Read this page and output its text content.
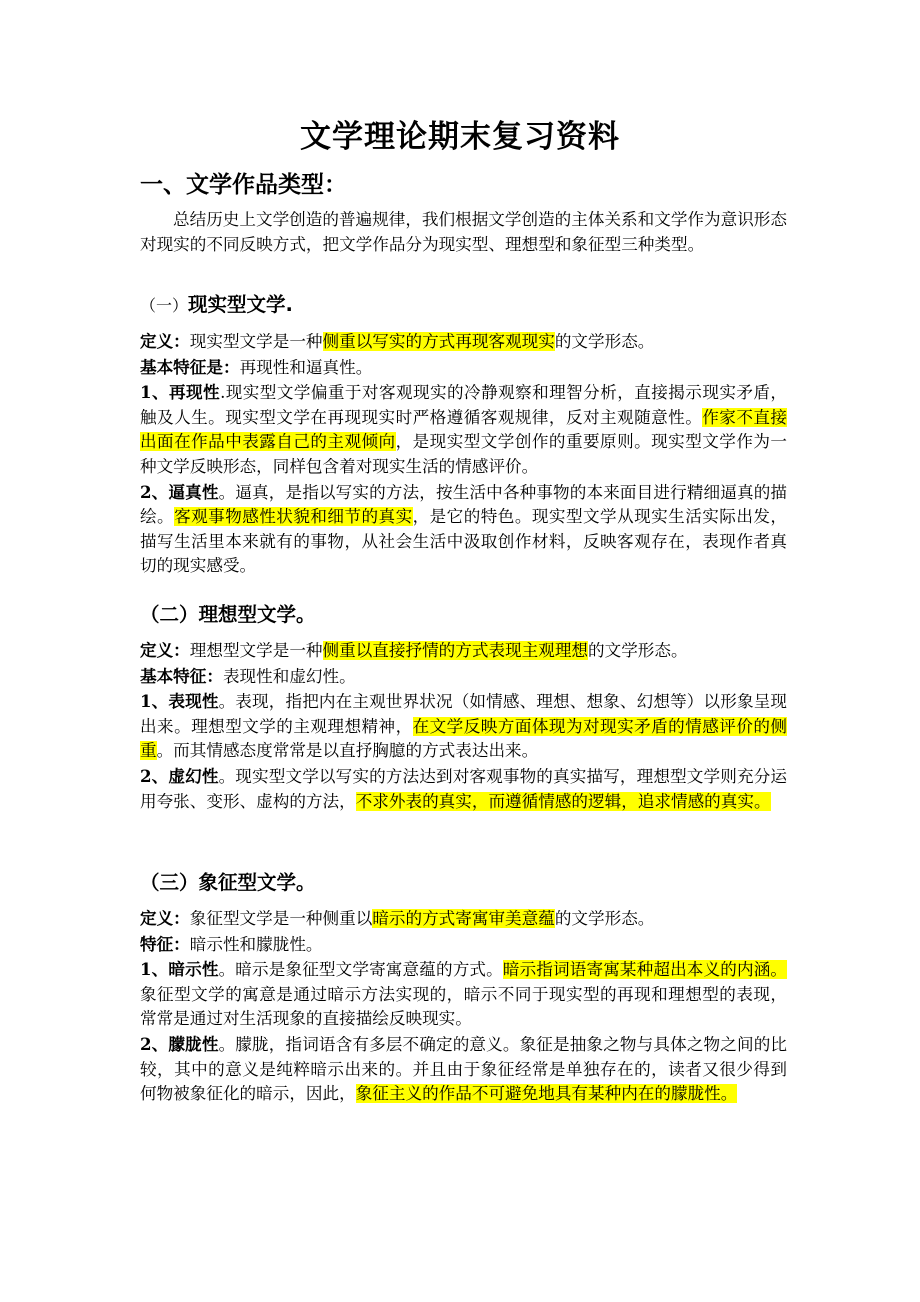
文学理论期末复习资料
一、文学作品类型：

总结历史上文学创造的普遍规律，我们根据文学创造的主体关系和文学作为意识形态对现实的不同反映方式，把文学作品分为现实型、理想型和象征型三种类型。

（一）现实型文学.

定义：现实型文学是一种侧重以写实的方式再现客观现实的文学形态。

基本特征是：再现性和逼真性。

1、再现性.现实型文学偏重于对客观现实的冷静观察和理智分析，直接揭示现实矛盾，触及人生。现实型文学在再现现实时严格遵循客观规律，反对主观随意性。作家不直接出面在作品中表露自己的主观倾向，是现实型文学创作的重要原则。现实型文学作为一种文学反映形态，同样包含着对现实生活的情感评价。

2、逼真性。逼真，是指以写实的方法，按生活中各种事物的本来面目进行精细逼真的描绘。客观事物感性状貌和细节的真实，是它的特色。现实型文学从现实生活实际出发，描写生活里本来就有的事物，从社会生活中汲取创作材料，反映客观存在，表现作者真切的现实感受。

（二）理想型文学。

定义：理想型文学是一种侧重以直接抒情的方式表现主观理想的文学形态。

基本特征：表现性和虚幻性。

1、表现性。表现，指把内在主观世界状况（如情感、理想、想象、幻想等）以形象呈现出来。理想型文学的主观理想精神，在文学反映方面体现为对现实矛盾的情感评价的侧重。而其情感态度常常是以直抒胸臆的方式表达出来。

2、虚幻性。现实型文学以写实的方法达到对客观事物的真实描写，理想型文学则充分运用夸张、变形、虚构的方法，不求外表的真实，而遵循情感的逻辑，追求情感的真实。

（三）象征型文学。

定义：象征型文学是一种侧重以暗示的方式寄寓审美意蕴的文学形态。

特征：暗示性和朦胧性。

1、暗示性。暗示是象征型文学寄寓意蕴的方式。暗示指词语寄寓某种超出本义的内涵。象征型文学的寓意是通过暗示方法实现的，暗示不同于现实型的再现和理想型的表现，常常是通过对生活现象的直接描绘反映现实。

2、朦胧性。朦胧，指词语含有多层不确定的意义。象征是抽象之物与具体之物之间的比较，其中的意义是纯粹暗示出来的。并且由于象征经常是单独存在的，读者又很少得到何物被象征化的暗示，因此，象征主义的作品不可避免地具有某种内在的朦胧性。
